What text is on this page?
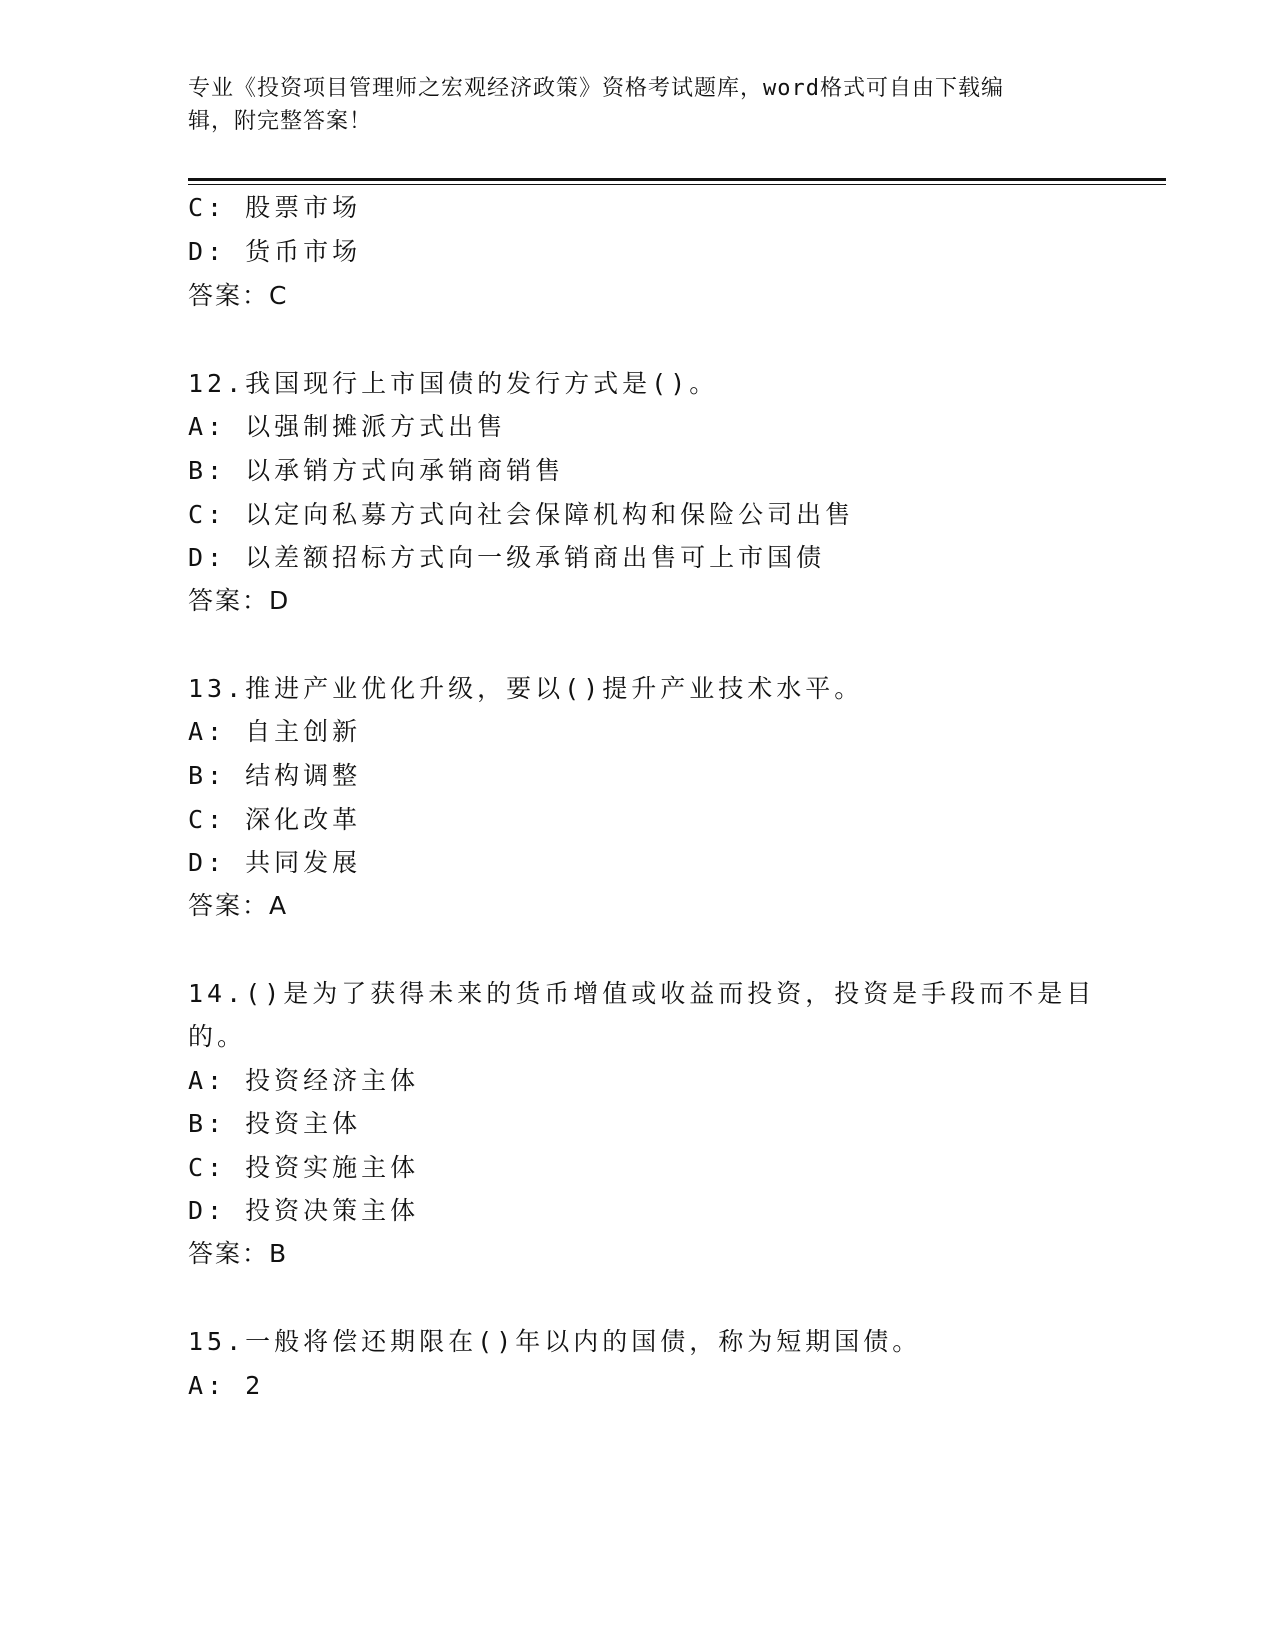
专业《投资项目管理师之宏观经济政策》资格考试题库，word格式可自由下载编
辑，附完整答案！

C: 股票市场

D: 货币市场

答案：C

12.我国现行上市国债的发行方式是()。

A: 以强制摊派方式出售

B: 以承销方式向承销商销售

C: 以定向私募方式向社会保障机构和保险公司出售

D: 以差额招标方式向一级承销商出售可上市国债

答案：D

13.推进产业优化升级，要以()提升产业技术水平。

A: 自主创新

B: 结构调整

C: 深化改革

D: 共同发展

答案：A

14.()是为了获得未来的货币增值或收益而投资，投资是手段而不是目

的。

A: 投资经济主体

B: 投资主体

C: 投资实施主体

D: 投资决策主体

答案：B

15.一般将偿还期限在()年以内的国债，称为短期国债。

A: 2
